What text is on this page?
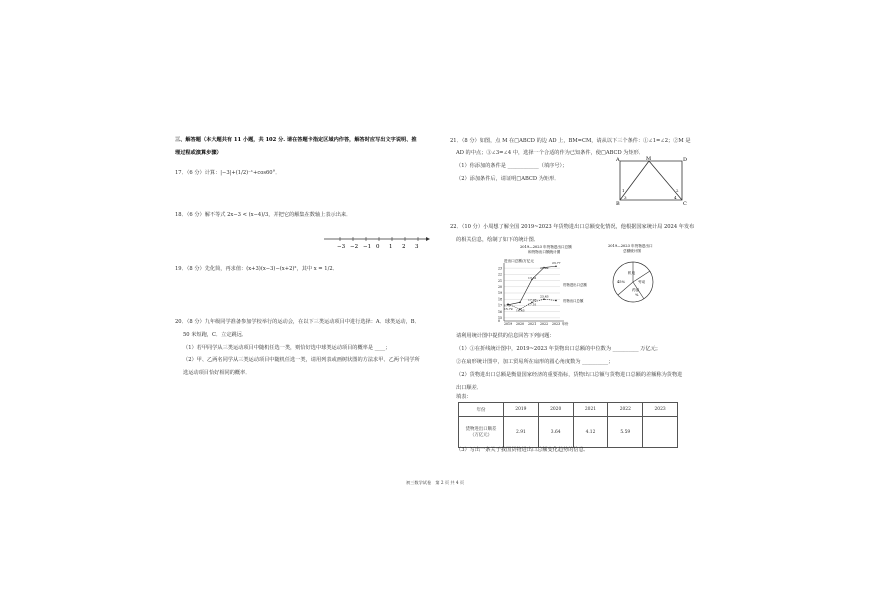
三、解答题（本大题共有 11 小题，共 102 分. 请在答题卡指定区域内作答，解答时应写出文字说明、推
理过程或演算步骤）
17．（6 分）计算：|−3|+(1/2)⁻¹+cos60°．
18．（6 分）解不等式 2x−3 < (x−4)/3，并把它的解集在数轴上表示出来．
−3 −2 −1 0 1 2 3
19．（8 分）先化简，再求值：(x+3)(x−3)−(x+2)²，其中 x = 1/2．
20．（8 分）九年级同学准备参加学校举行的运动会，在以下三类运动项目中进行选择：A．球类运动，B．
50 米短跑，C．立定跳远．
（1）若甲同学从三类运动项目中随机任选一类，则恰好选中球类运动项目的概率是 ____；
（2）甲、乙两名同学从三类运动项目中随机任选一类，请用列表或画树状图的方法求甲、乙两个同学所
选运动项目恰好相同的概率．
21．（8 分）如图，点 M 在□ABCD 的边 AD 上，BM=CM，请从以下三个条件：①∠1=∠2；②M 是
AD 的中点；③∠3=∠4 中，选择一个合适的作为已知条件，使□ABCD 为矩形．
（1）你添加的条件是 ____________（填序号）；
（2）添加条件后，请证明□ABCD 为矩形．
A	M	D
B	C
1	2
3	4
22．（10 分）小周想了解全国 2019~2023 年货物进出口总额变化情况，他根据国家统计局 2024 年发布
的相关信息，绘制了如下的统计图．
2019—2023 年货物进出口总额
和货物出口额统计图
进出口总额/万亿元
0
15
16
17
18
19
20
21
22
23
2019 2020 2021 2022 2023 年份
21.92
23.63
23.77
17.93
17.1	17.51
16.43
17.31
15.79
货物进出口总额
货物出口总额
2019—2023 年货物进出口
总额统计图
机电
劳动
药品
45%
%
请利用统计图中提供的信息回答下列问题：
（1）①在折线统计图中，2019~2023 年货物出口总额的中位数为 __________ 万亿元；
②在扇形统计图中，加工贸易所在扇形的圆心角度数为 __________；
（2）货物进出口总额是衡量国家经济的重要指标，货物出口总额与货物进口总额的差额称为货物进
出口顺差．
填表：
年份	2019	2020	2021	2022	2023

货物进出口顺差
（万亿元）	2.91	3.64	4.12	5.59	
（3）写出一条关于我国货物进出口总额变化趋势的信息．
初三数学试卷　第 2 页 共 4 页
